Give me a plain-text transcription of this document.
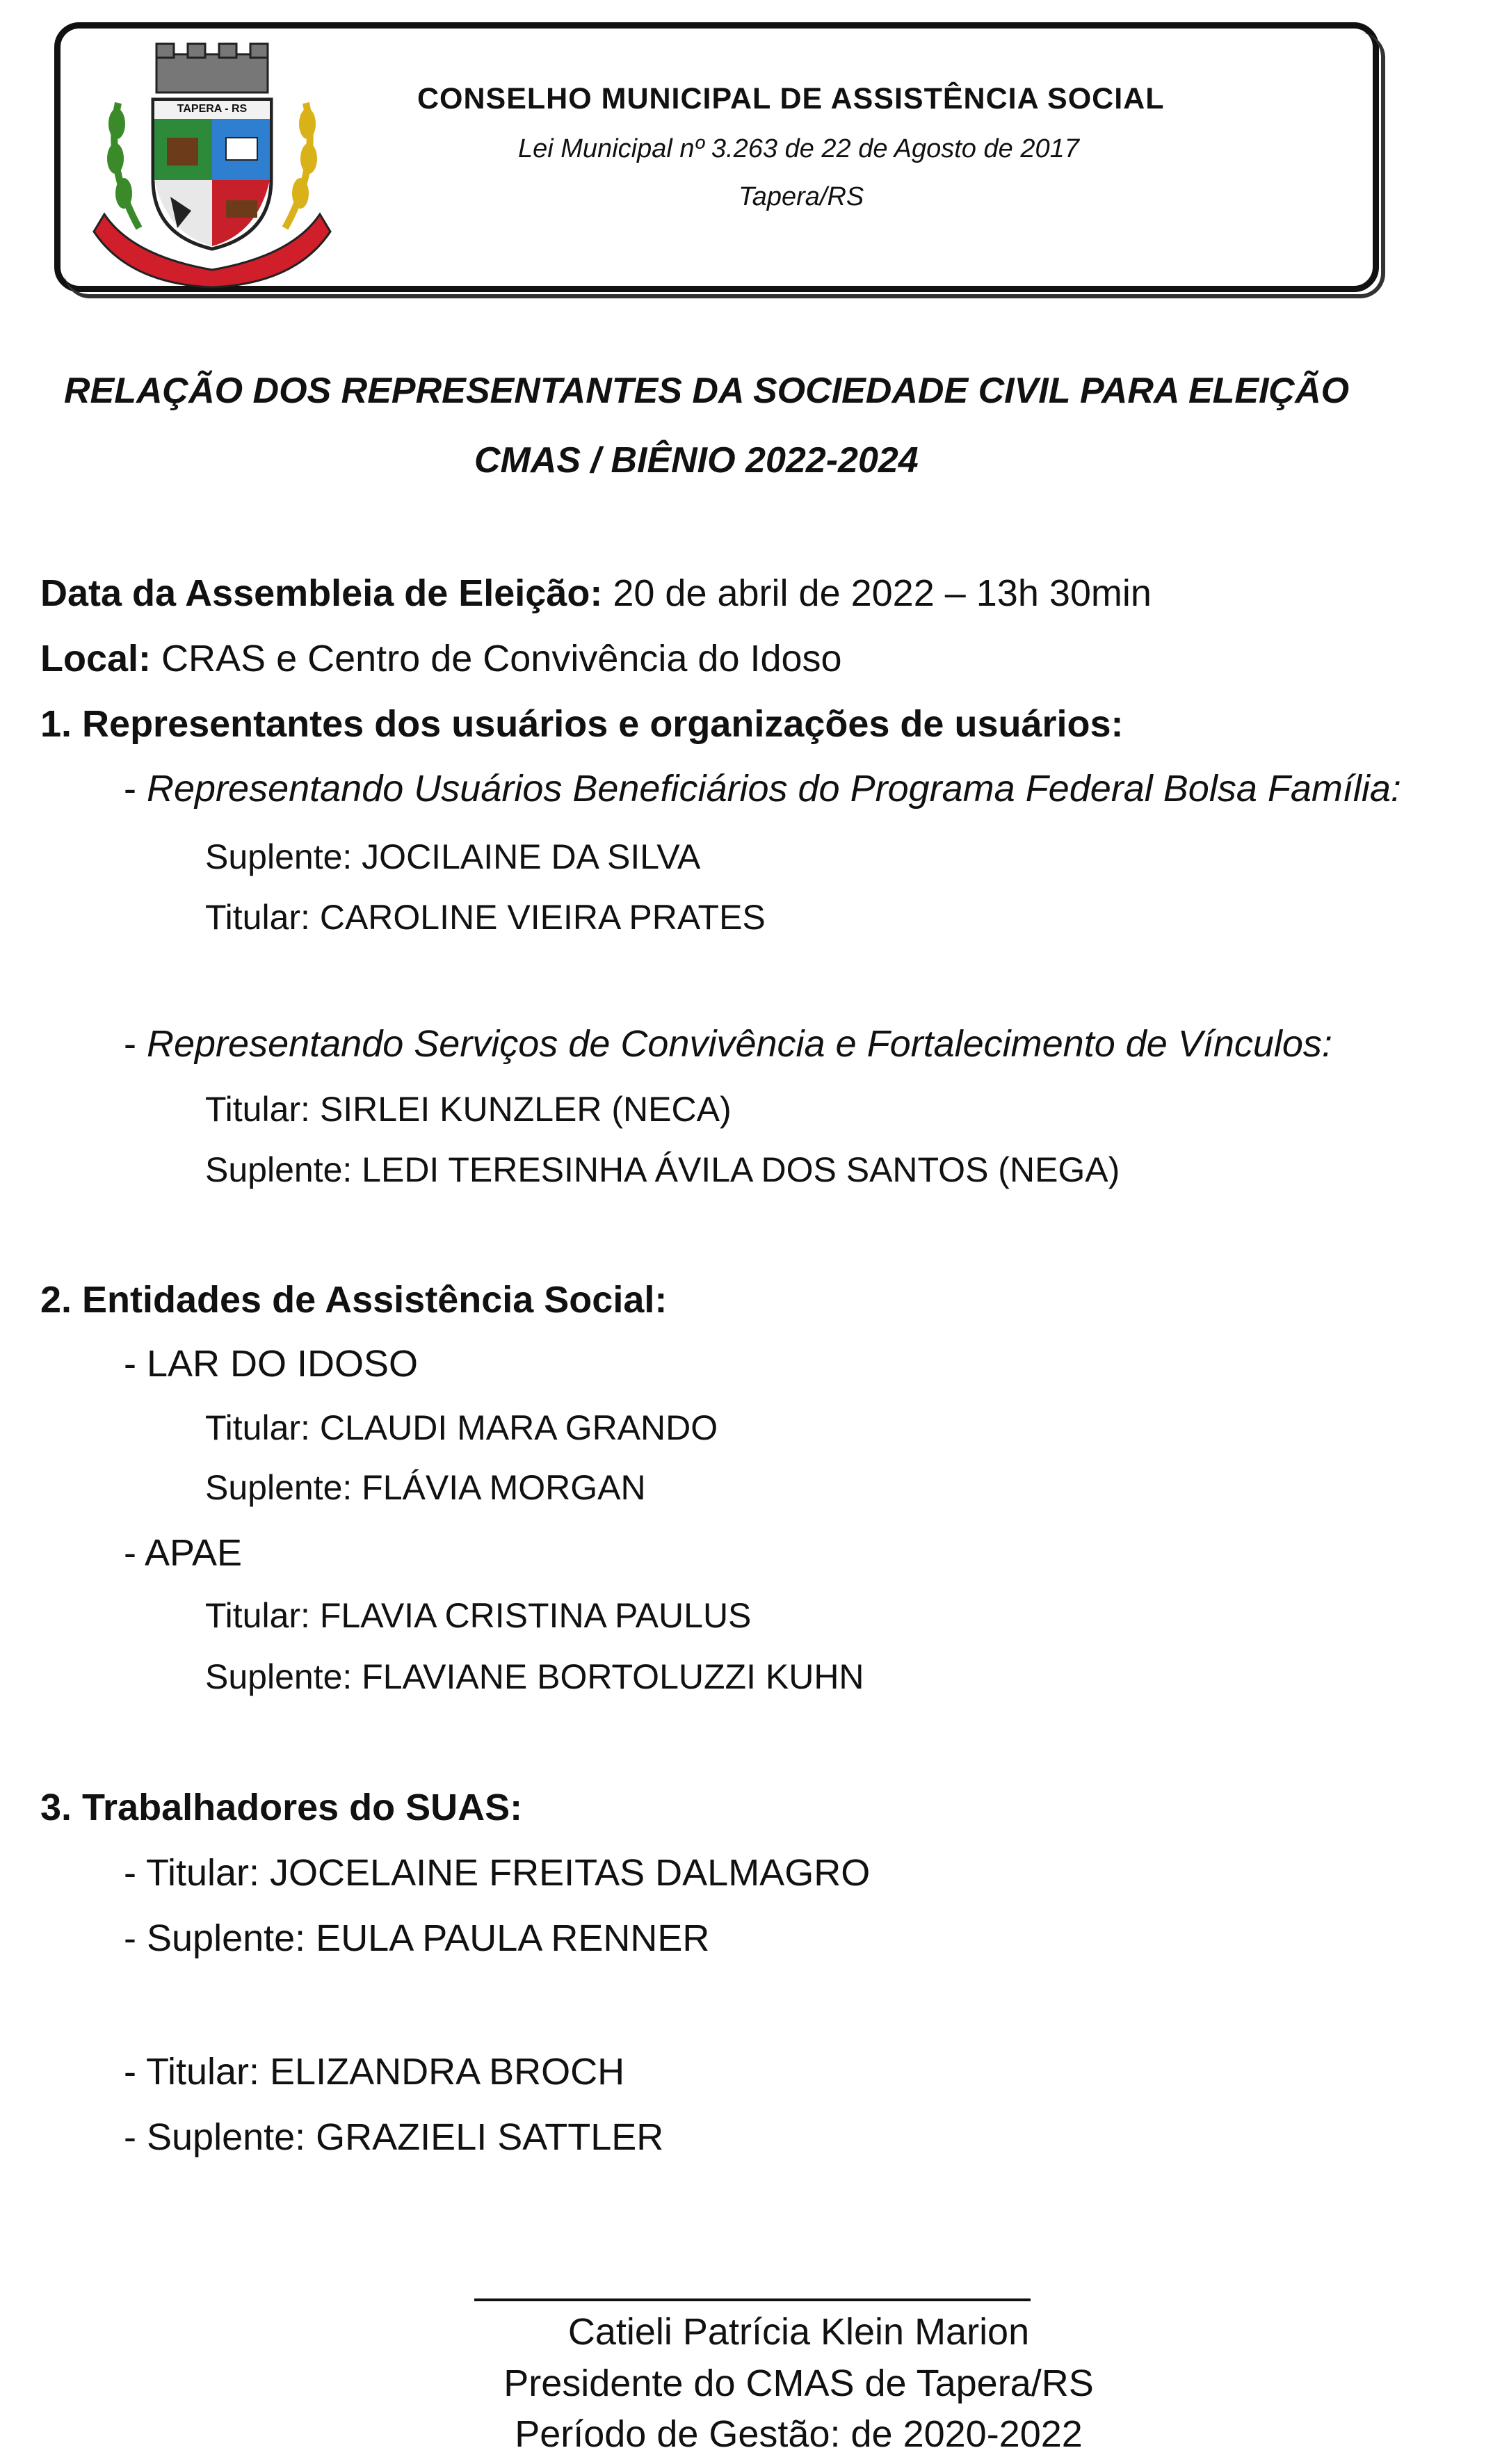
TAPERA - RS	CONSELHO MUNICIPAL DE ASSISTÊNCIA SOCIAL
Lei Municipal nº 3.263 de 22 de Agosto de 2017
Tapera/RS
RELAÇÃO DOS REPRESENTANTES DA SOCIEDADE CIVIL PARA ELEIÇÃO
CMAS / BIÊNIO 2022-2024
Data da Assembleia de Eleição: 20 de abril de 2022 – 13h 30min
Local: CRAS e Centro de Convivência do Idoso
1. Representantes dos usuários e organizações de usuários:
- Representando Usuários Beneficiários do Programa Federal Bolsa Família:
Suplente: JOCILAINE DA SILVA
Titular: CAROLINE VIEIRA PRATES
- Representando Serviços de Convivência e Fortalecimento de Vínculos:
Titular: SIRLEI KUNZLER (NECA)
Suplente: LEDI TERESINHA ÁVILA DOS SANTOS (NEGA)
2. Entidades de Assistência Social:
- LAR DO IDOSO
Titular: CLAUDI MARA GRANDO
Suplente: FLÁVIA MORGAN
- APAE
Titular: FLAVIA CRISTINA PAULUS
Suplente: FLAVIANE BORTOLUZZI KUHN
3. Trabalhadores do SUAS:
- Titular: JOCELAINE FREITAS DALMAGRO
- Suplente: EULA PAULA RENNER
- Titular: ELIZANDRA BROCH
- Suplente: GRAZIELI SATTLER
Catieli Patrícia Klein Marion
Presidente do CMAS de Tapera/RS
Período de Gestão: de 2020-2022
